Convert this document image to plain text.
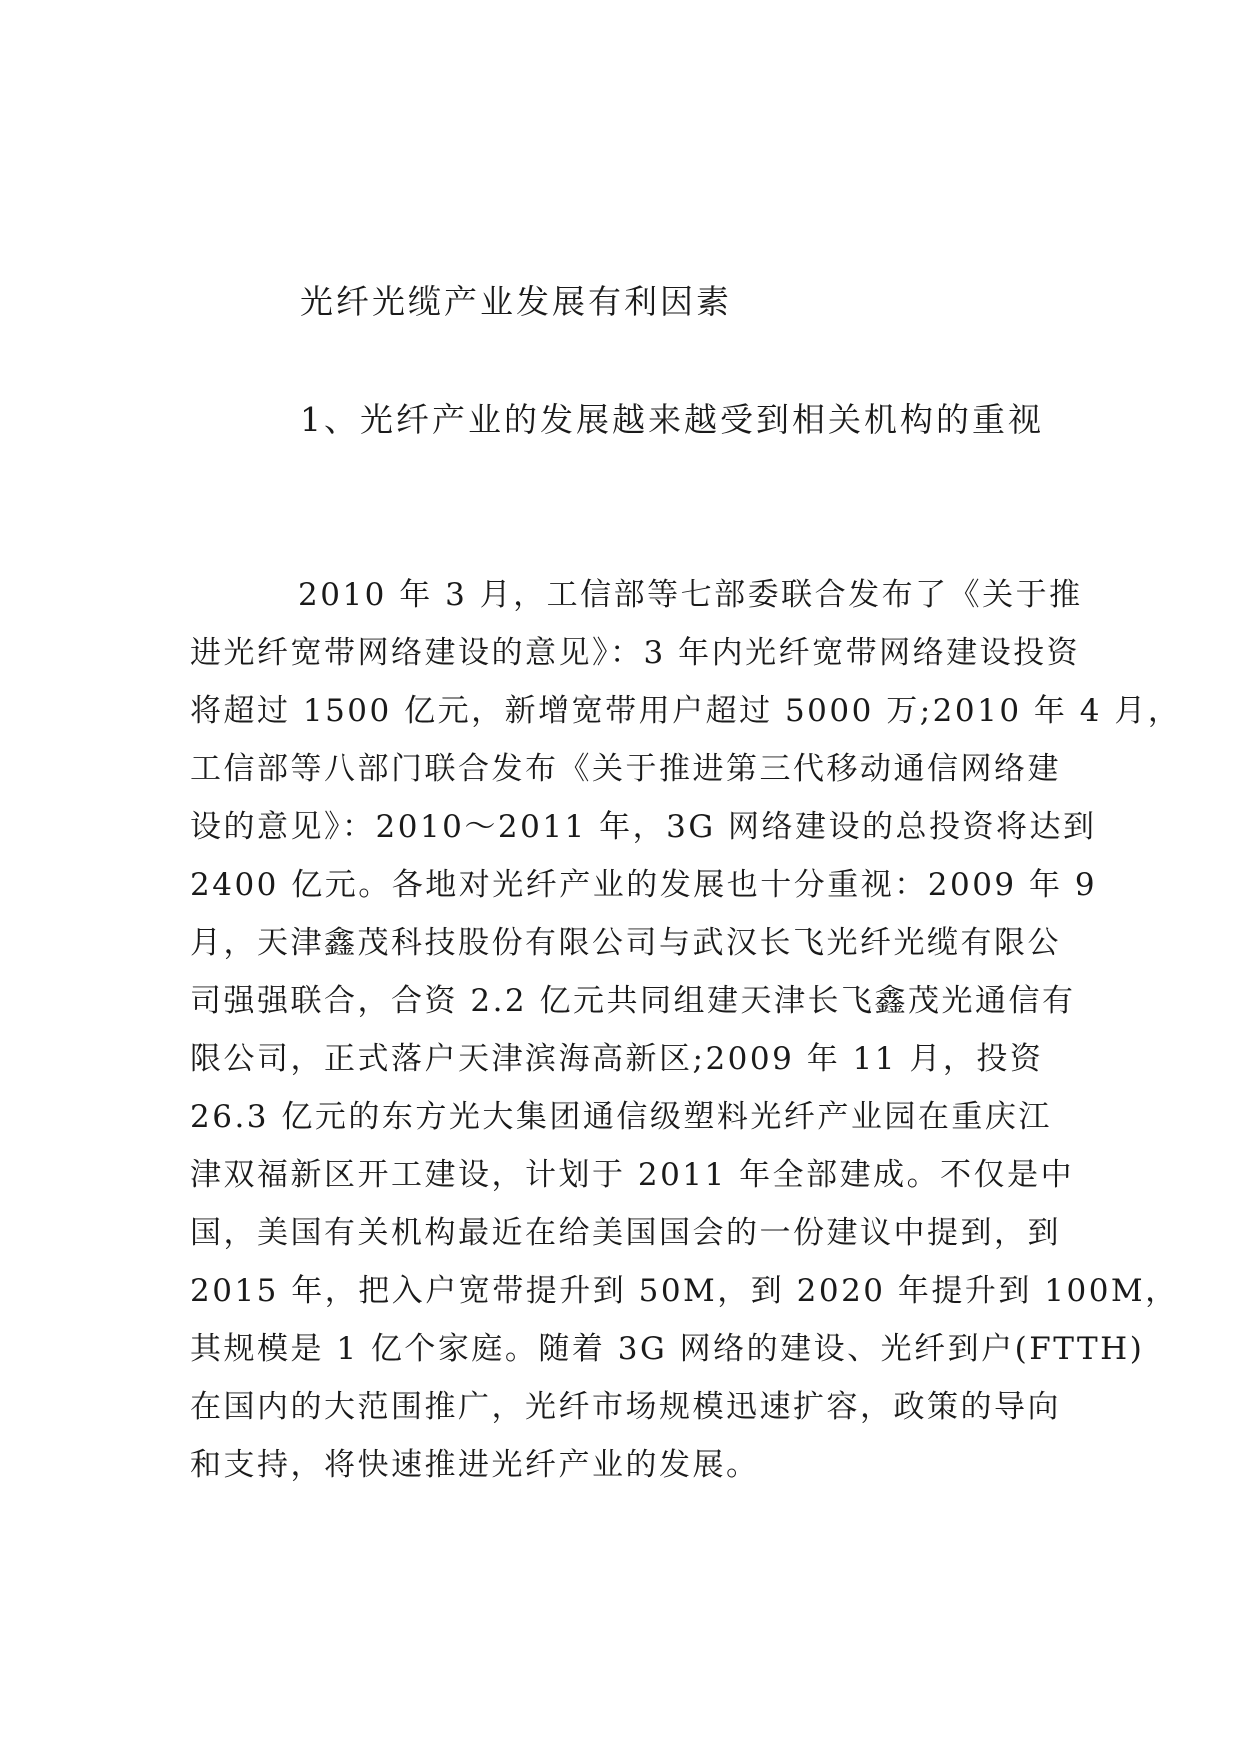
光纤光缆产业发展有利因素
1、光纤产业的发展越来越受到相关机构的重视
2010 年 3 月，工信部等七部委联合发布了《关于推
进光纤宽带网络建设的意见》：3 年内光纤宽带网络建设投资
将超过 1500 亿元，新增宽带用户超过 5000 万;2010 年 4 月，
工信部等八部门联合发布《关于推进第三代移动通信网络建
设的意见》：2010～2011 年，3G 网络建设的总投资将达到
2400 亿元。各地对光纤产业的发展也十分重视：2009 年 9
月，天津鑫茂科技股份有限公司与武汉长飞光纤光缆有限公
司强强联合，合资 2.2 亿元共同组建天津长飞鑫茂光通信有
限公司，正式落户天津滨海高新区;2009 年 11 月，投资
26.3 亿元的东方光大集团通信级塑料光纤产业园在重庆江
津双福新区开工建设，计划于 2011 年全部建成。不仅是中
国，美国有关机构最近在给美国国会的一份建议中提到，到
2015 年，把入户宽带提升到 50M，到 2020 年提升到 100M，
其规模是 1 亿个家庭。随着 3G 网络的建设、光纤到户(FTTH)
在国内的大范围推广，光纤市场规模迅速扩容，政策的导向
和支持，将快速推进光纤产业的发展。
